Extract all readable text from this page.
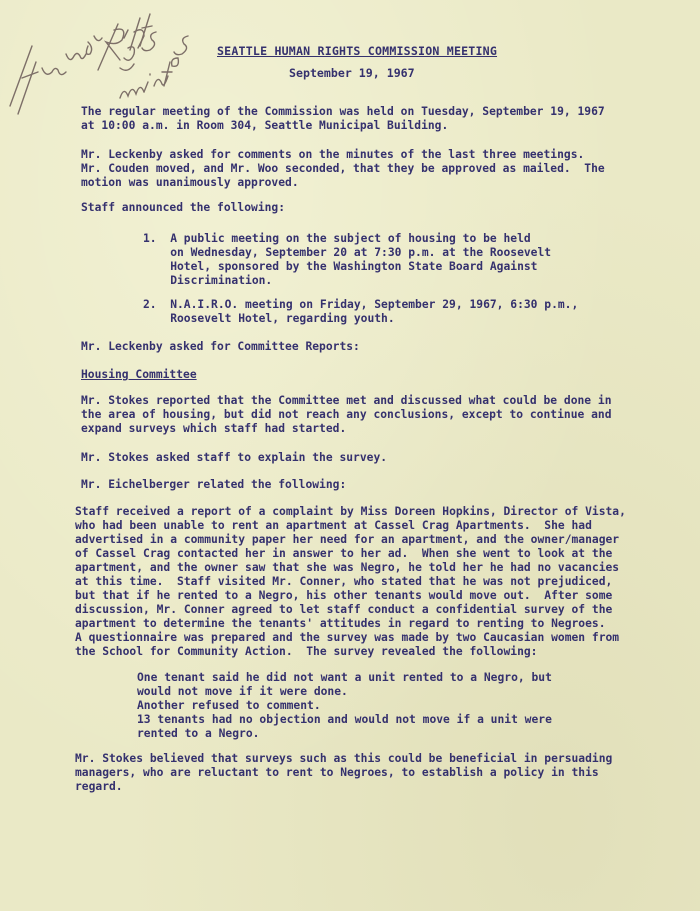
SEATTLE HUMAN RIGHTS COMMISSION MEETING
September 19, 1967
The regular meeting of the Commission was held on Tuesday, September 19, 1967
at 10:00 a.m. in Room 304, Seattle Municipal Building.
Mr. Leckenby asked for comments on the minutes of the last three meetings.
Mr. Couden moved, and Mr. Woo seconded, that they be approved as mailed.  The
motion was unanimously approved.
Staff announced the following:
1.  A public meeting on the subject of housing to be held
on Wednesday, September 20 at 7:30 p.m. at the Roosevelt
Hotel, sponsored by the Washington State Board Against
Discrimination.
2.  N.A.I.R.O. meeting on Friday, September 29, 1967, 6:30 p.m.,
Roosevelt Hotel, regarding youth.
Mr. Leckenby asked for Committee Reports:
Housing Committee
Mr. Stokes reported that the Committee met and discussed what could be done in
the area of housing, but did not reach any conclusions, except to continue and
expand surveys which staff had started.
Mr. Stokes asked staff to explain the survey.
Mr. Eichelberger related the following:
Staff received a report of a complaint by Miss Doreen Hopkins, Director of Vista,
who had been unable to rent an apartment at Cassel Crag Apartments.  She had
advertised in a community paper her need for an apartment, and the owner/manager
of Cassel Crag contacted her in answer to her ad.  When she went to look at the
apartment, and the owner saw that she was Negro, he told her he had no vacancies
at this time.  Staff visited Mr. Conner, who stated that he was not prejudiced,
but that if he rented to a Negro, his other tenants would move out.  After some
discussion, Mr. Conner agreed to let staff conduct a confidential survey of the
apartment to determine the tenants' attitudes in regard to renting to Negroes.
A questionnaire was prepared and the survey was made by two Caucasian women from
the School for Community Action.  The survey revealed the following:
One tenant said he did not want a unit rented to a Negro, but
would not move if it were done.
Another refused to comment.
13 tenants had no objection and would not move if a unit were
rented to a Negro.
Mr. Stokes believed that surveys such as this could be beneficial in persuading
managers, who are reluctant to rent to Negroes, to establish a policy in this
regard.
